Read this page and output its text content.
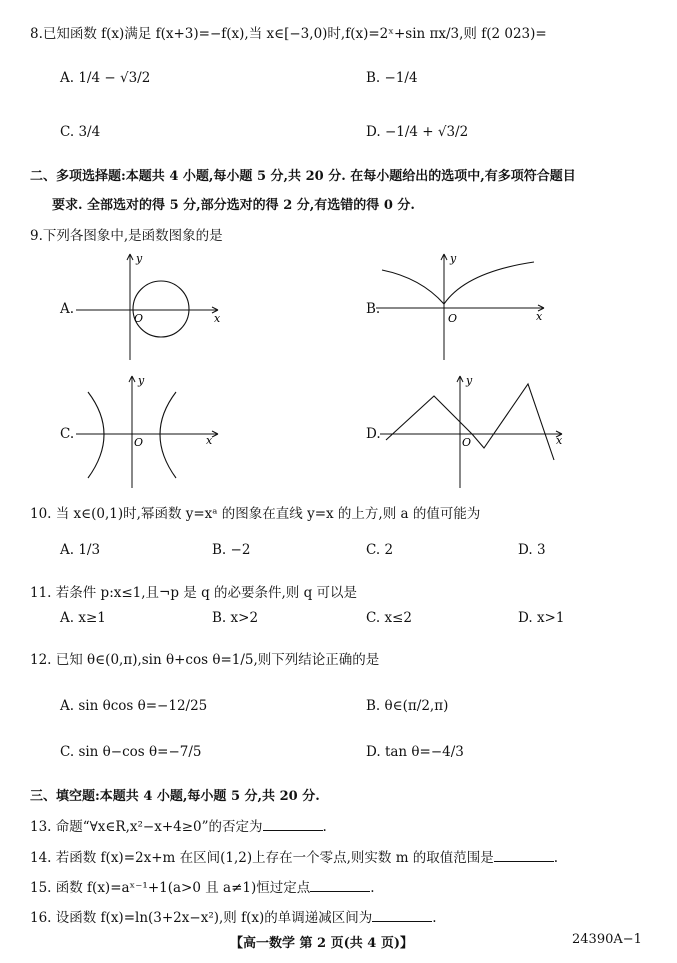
8.已知函数 f(x)满足 f(x+3)=−f(x),当 x∈[−3,0)时,f(x)=2ˣ+sin πx/3,则 f(2 023)=
A. 1/4 − √3/2	B. −1/4
C. 3/4	D. −1/4 + √3/2
二、多项选择题:本题共 4 小题,每小题 5 分,共 20 分. 在每小题给出的选项中,有多项符合题目
要求. 全部选对的得 5 分,部分选对的得 2 分,有选错的得 0 分.
9.下列各图象中,是函数图象的是
A.
y
x
O
B.
y
x
O
C.
y
x
O
D.
y
x
O
10. 当 x∈(0,1)时,幂函数 y=xᵃ 的图象在直线 y=x 的上方,则 a 的值可能为
A. 1/3	B. −2	C. 2	D. 3
11. 若条件 p:x≤1,且¬p 是 q 的必要条件,则 q 可以是
A. x≥1	B. x>2	C. x≤2	D. x>1
12. 已知 θ∈(0,π),sin θ+cos θ=1/5,则下列结论正确的是
A. sin θcos θ=−12/25	B. θ∈(π/2,π)
C. sin θ−cos θ=−7/5	D. tan θ=−4/3
三、填空题:本题共 4 小题,每小题 5 分,共 20 分.
13. 命题“∀x∈R,x²−x+4≥0”的否定为	.
14. 若函数 f(x)=2x+m 在区间(1,2)上存在一个零点,则实数 m 的取值范围是	.
15. 函数 f(x)=aˣ⁻¹+1(a>0 且 a≠1)恒过定点	.
16. 设函数 f(x)=ln(3+2x−x²),则 f(x)的单调递减区间为	.
【高一数学 第 2 页(共 4 页)】	24390A−1
